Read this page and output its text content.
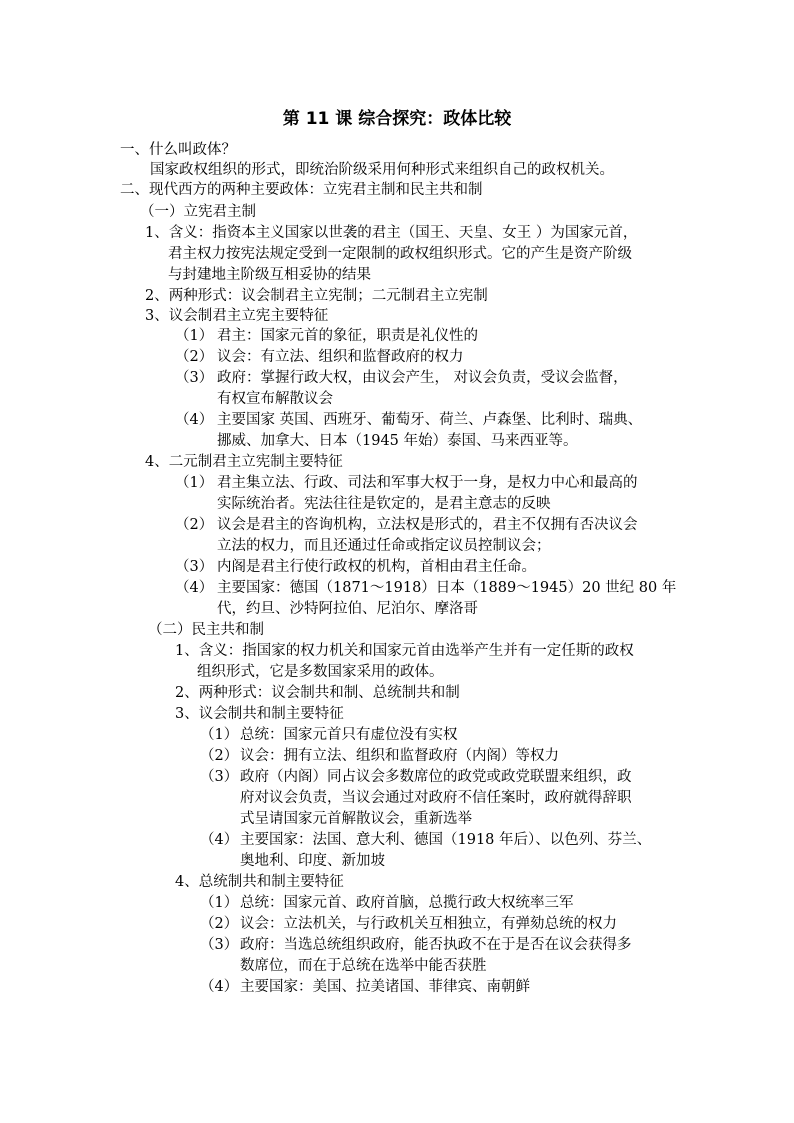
第 11 课 综合探究：政体比较
一、什么叫政体？
国家政权组织的形式，即统治阶级采用何种形式来组织自己的政权机关。
二、现代西方的两种主要政体：立宪君主制和民主共和制
（一）立宪君主制
1、含义：指资本主义国家以世袭的君主（国王、天皇、女王 ）为国家元首，
君主权力按宪法规定受到一定限制的政权组织形式。它的产生是资产阶级
与封建地主阶级互相妥协的结果
2、两种形式：议会制君主立宪制；二元制君主立宪制
3、议会制君主立宪主要特征
（1） 君主：国家元首的象征，职责是礼仪性的
（2） 议会：有立法、组织和监督政府的权力
（3） 政府：掌握行政大权，由议会产生， 对议会负责，受议会监督，
有权宣布解散议会
（4） 主要国家 英国、西班牙、葡萄牙、荷兰、卢森堡、比利时、瑞典、
挪威、加拿大、日本（1945 年始）泰国、马来西亚等。
4、二元制君主立宪制主要特征
（1） 君主集立法、行政、司法和军事大权于一身，是权力中心和最高的
实际统治者。宪法往往是钦定的，是君主意志的反映
（2） 议会是君主的咨询机构，立法权是形式的，君主不仅拥有否决议会
立法的权力，而且还通过任命或指定议员控制议会；
（3） 内阁是君主行使行政权的机构，首相由君主任命。
（4） 主要国家：德国（1871～1918）日本（1889～1945）20 世纪 80 年
代，约旦、沙特阿拉伯、尼泊尔、摩洛哥
（二）民主共和制
1、含义：指国家的权力机关和国家元首由选举产生并有一定任斯的政权
组织形式，它是多数国家采用的政体。
2、两种形式：议会制共和制、总统制共和制
3、议会制共和制主要特征
（1） 总统：国家元首只有虚位没有实权
（2） 议会：拥有立法、组织和监督政府（内阁）等权力
（3） 政府（内阁）同占议会多数席位的政党或政党联盟来组织，政
府对议会负责，当议会通过对政府不信任案时，政府就得辞职
式呈请国家元首解散议会，重新选举
（4） 主要国家：法国、意大利、德国（1918 年后）、以色列、芬兰、
奥地利、印度、新加坡
4、总统制共和制主要特征
（1） 总统：国家元首、政府首脑，总揽行政大权统率三军
（2） 议会：立法机关，与行政机关互相独立，有弹劾总统的权力
（3） 政府：当选总统组织政府，能否执政不在于是否在议会获得多
数席位，而在于总统在选举中能否获胜
（4） 主要国家：美国、拉美诸国、菲律宾、南朝鲜
